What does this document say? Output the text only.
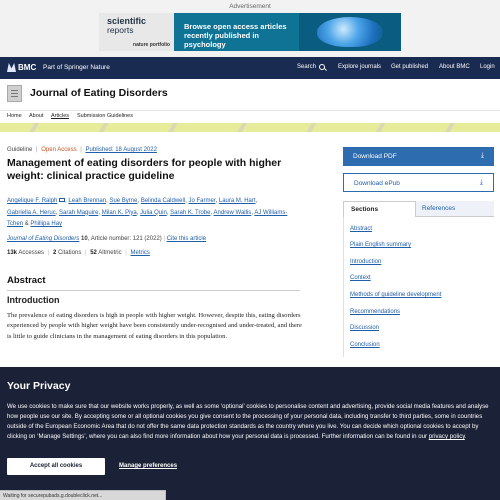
Advertisement
scientific
reports
nature portfolio
Browse open access articles recently published in psychology
BMC Part of Springer Nature	Search	Explore journals Get published About BMC Login
Journal of Eating Disorders
Home About Articles Submission Guidelines
Guideline | Open Access | Published: 18 August 2022
Management of eating disorders for people with higher weight: clinical practice guideline
Angelique F. Ralph , Leah Brennan, Sue Byrne, Belinda Caldwell, Jo Farmer, Laura M. Hart,
Gabriella A. Heruc, Sarah Maguire, Milan K. Piya, Julia Quin, Sarah K. Trobe, Andrew Wallis, AJ Williams-Tchen & Phillipa Hay
Journal of Eating Disorders 10, Article number: 121 (2022) | Cite this article
13k Accesses | 2 Citations | 52 Altmetric | Metrics
Abstract
Introduction

The prevalence of eating disorders is high in people with higher weight. However, despite this, eating disorders experienced by people with higher weight have been consistently under-recognised and under-treated, and there is little to guide clinicians in the management of eating disorders in this population.

Download PDF	⤓
Download ePub	⤓
Sections	References
Abstract
Plain English summary
Introduction
Context
Methods of guideline development
Recommendations
Discussion
Conclusion
Your Privacy
We use cookies to make sure that our website works properly, as well as some ‘optional’ cookies to personalise content and advertising, provide social media features and analyse how people use our site. By accepting some or all optional cookies you give consent to the processing of your personal data, including transfer to third parties, some in countries outside of the European Economic Area that do not offer the same data protection standards as the country where you live. You can decide which optional cookies to accept by clicking on ‘Manage Settings’, where you can also find more information about how your personal data is processed. Further information can be found in our privacy policy.
Accept all cookies	Manage preferences
Waiting for securepubads.g.doubleclick.net...
